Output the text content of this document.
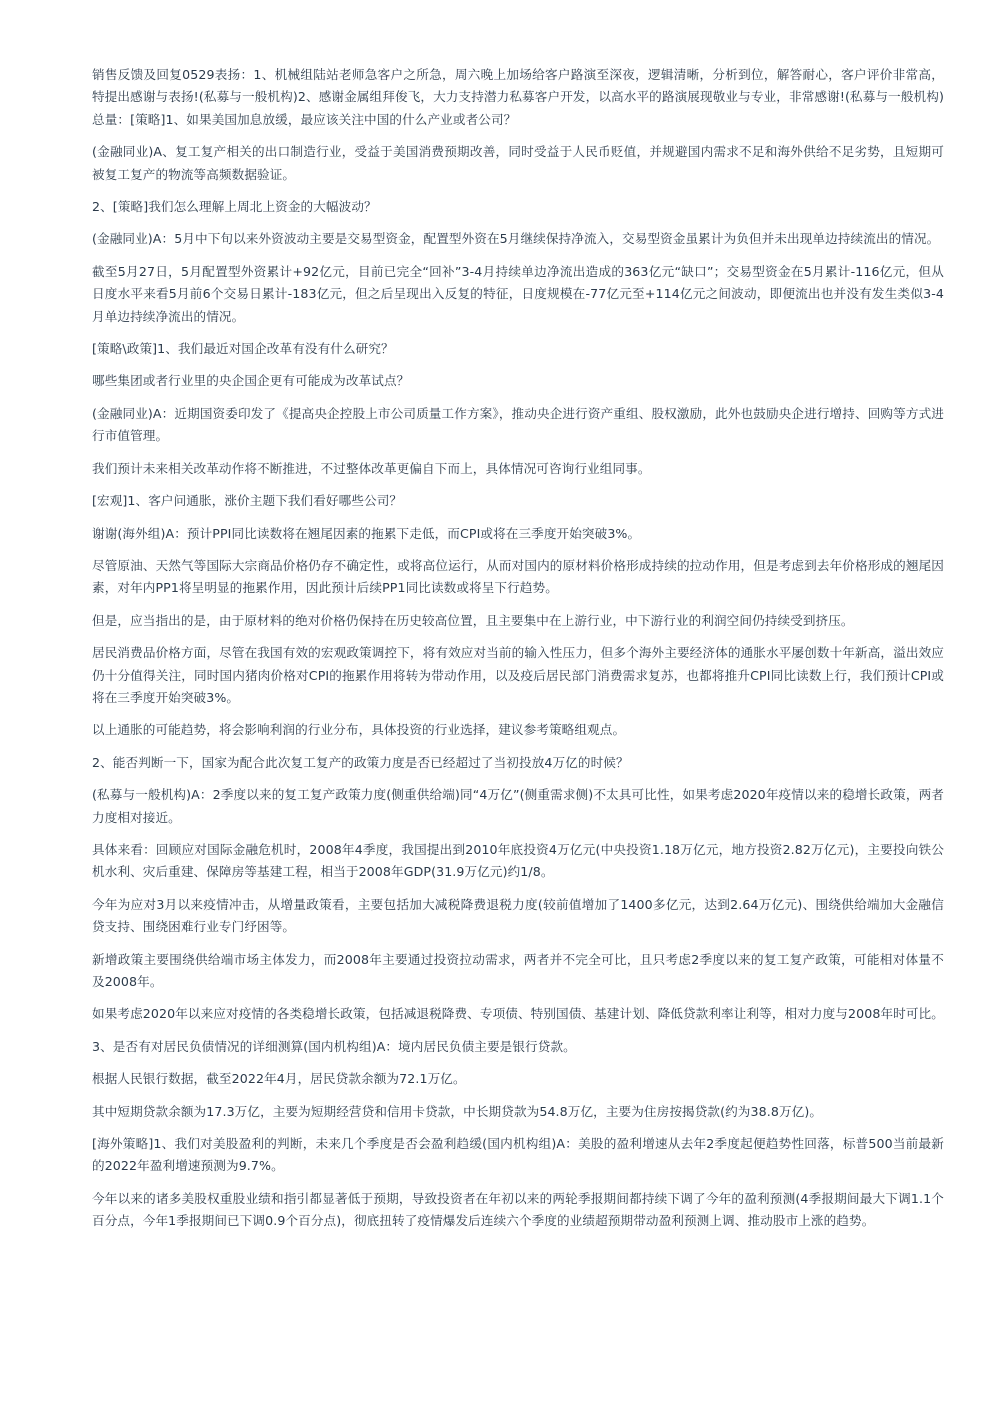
销售反馈及回复0529表扬：1、机械组陆站老师急客户之所急，周六晚上加场给客户路演至深夜，逻辑清晰，分析到位，解答耐心，客户评价非常高，特提出感谢与表扬!(私募与一般机构)2、感谢金属组拜俊飞，大力支持潜力私募客户开发，以高水平的路演展现敬业与专业，非常感谢!(私募与一般机构)总量：[策略]1、如果美国加息放缓，最应该关注中国的什么产业或者公司？

(金融同业)A、复工复产相关的出口制造行业，受益于美国消费预期改善，同时受益于人民币贬值，并规避国内需求不足和海外供给不足劣势，且短期可被复工复产的物流等高频数据验证。

2、[策略]我们怎么理解上周北上资金的大幅波动？

(金融同业)A：5月中下旬以来外资波动主要是交易型资金，配置型外资在5月继续保持净流入，交易型资金虽累计为负但并未出现单边持续流出的情况。

截至5月27日，5月配置型外资累计+92亿元，目前已完全“回补”3-4月持续单边净流出造成的363亿元“缺口”；交易型资金在5月累计-116亿元，但从日度水平来看5月前6个交易日累计-183亿元，但之后呈现出入反复的特征，日度规模在-77亿元至+114亿元之间波动，即便流出也并没有发生类似3-4月单边持续净流出的情况。

[策略\政策]1、我们最近对国企改革有没有什么研究？

哪些集团或者行业里的央企国企更有可能成为改革试点？

(金融同业)A：近期国资委印发了《提高央企控股上市公司质量工作方案》，推动央企进行资产重组、股权激励，此外也鼓励央企进行增持、回购等方式进行市值管理。

我们预计未来相关改革动作将不断推进，不过整体改革更偏自下而上，具体情况可咨询行业组同事。

[宏观]1、客户问通胀，涨价主题下我们看好哪些公司？

谢谢(海外组)A：预计PPI同比读数将在翘尾因素的拖累下走低，而CPI或将在三季度开始突破3%。

尽管原油、天然气等国际大宗商品价格仍存不确定性，或将高位运行，从而对国内的原材料价格形成持续的拉动作用，但是考虑到去年价格形成的翘尾因素，对年内PP1将呈明显的拖累作用，因此预计后续PP1同比读数或将呈下行趋势。

但是，应当指出的是，由于原材料的绝对价格仍保持在历史较高位置，且主要集中在上游行业，中下游行业的利润空间仍持续受到挤压。

居民消费品价格方面，尽管在我国有效的宏观政策调控下，将有效应对当前的输入性压力，但多个海外主要经济体的通胀水平屡创数十年新高，溢出效应仍十分值得关注，同时国内猪肉价格对CPI的拖累作用将转为带动作用，以及疫后居民部门消费需求复苏，也都将推升CPI同比读数上行，我们预计CPI或将在三季度开始突破3%。

以上通胀的可能趋势，将会影响利润的行业分布，具体投资的行业选择，建议参考策略组观点。

2、能否判断一下，国家为配合此次复工复产的政策力度是否已经超过了当初投放4万亿的时候？

(私募与一般机构)A：2季度以来的复工复产政策力度(侧重供给端)同“4万亿”(侧重需求侧)不太具可比性，如果考虑2020年疫情以来的稳增长政策，两者力度相对接近。

具体来看：回顾应对国际金融危机时，2008年4季度，我国提出到2010年底投资4万亿元(中央投资1.18万亿元，地方投资2.82万亿元)，主要投向铁公机水利、灾后重建、保障房等基建工程，相当于2008年GDP(31.9万亿元)约1/8。

今年为应对3月以来疫情冲击，从增量政策看，主要包括加大减税降费退税力度(较前值增加了1400多亿元，达到2.64万亿元)、围绕供给端加大金融信贷支持、围绕困难行业专门纾困等。

新增政策主要围绕供给端市场主体发力，而2008年主要通过投资拉动需求，两者并不完全可比，且只考虑2季度以来的复工复产政策，可能相对体量不及2008年。

如果考虑2020年以来应对疫情的各类稳增长政策，包括减退税降费、专项债、特别国债、基建计划、降低贷款利率让利等，相对力度与2008年时可比。

3、是否有对居民负债情况的详细测算(国内机构组)A：境内居民负债主要是银行贷款。

根据人民银行数据，截至2022年4月，居民贷款余额为72.1万亿。

其中短期贷款余额为17.3万亿，主要为短期经营贷和信用卡贷款，中长期贷款为54.8万亿，主要为住房按揭贷款(约为38.8万亿)。

[海外策略]1、我们对美股盈利的判断，未来几个季度是否会盈利趋缓(国内机构组)A：美股的盈利增速从去年2季度起便趋势性回落，标普500当前最新的2022年盈利增速预测为9.7%。

今年以来的诸多美股权重股业绩和指引都显著低于预期，导致投资者在年初以来的两轮季报期间都持续下调了今年的盈利预测(4季报期间最大下调1.1个百分点，今年1季报期间已下调0.9个百分点)，彻底扭转了疫情爆发后连续六个季度的业绩超预期带动盈利预测上调、推动股市上涨的趋势。
